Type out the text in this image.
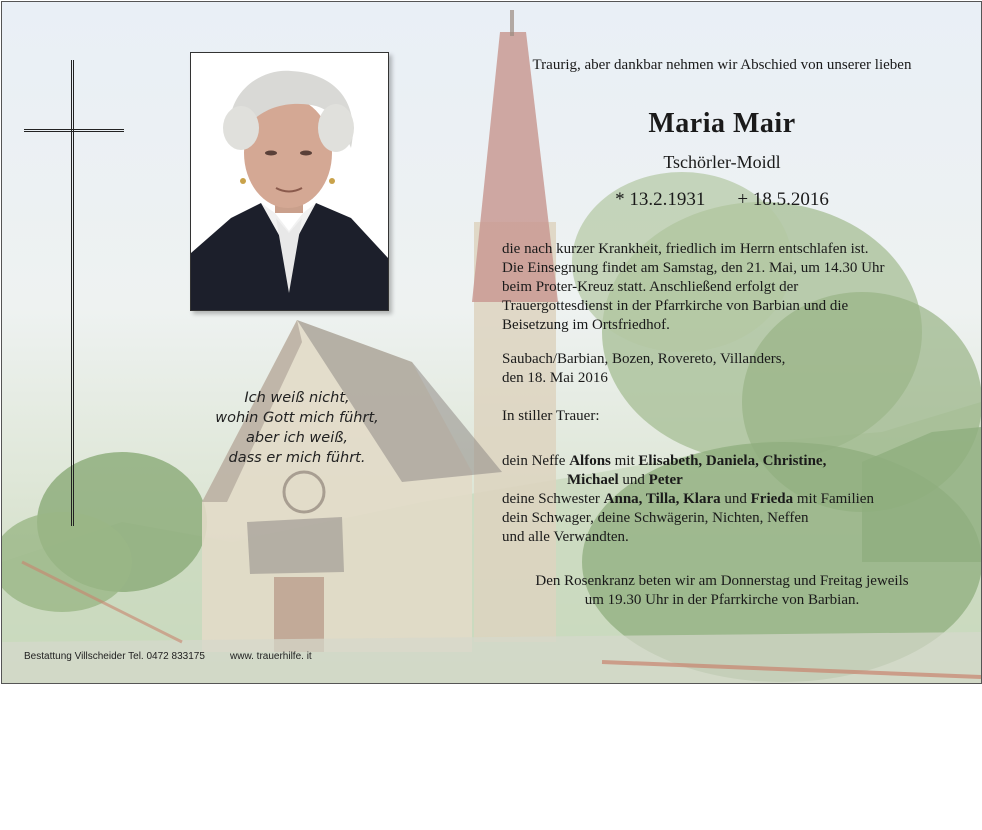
Ich weiß nicht,
wohin Gott mich führt,
aber ich weiß,
dass er mich führt.
Traurig, aber dankbar nehmen wir Abschied von unserer lieben
Maria Mair
Tschörler-Moidl
* 13.2.1931 + 18.5.2016
die nach kurzer Krankheit, friedlich im Herrn entschlafen ist.
Die Einsegnung findet am Samstag, den 21. Mai, um 14.30 Uhr
beim Proter-Kreuz statt. Anschließend erfolgt der
Trauergottesdienst in der Pfarrkirche von Barbian und die
Beisetzung im Ortsfriedhof.
Saubach/Barbian, Bozen, Rovereto, Villanders,
den 18. Mai 2016
In stiller Trauer:
dein Neffe Alfons mit Elisabeth, Daniela, Christine,
Michael und Peter
deine Schwester Anna, Tilla, Klara und Frieda mit Familien
dein Schwager, deine Schwägerin, Nichten, Neffen
und alle Verwandten.
Den Rosenkranz beten wir am Donnerstag und Freitag jeweils
um 19.30 Uhr in der Pfarrkirche von Barbian.
Bestattung Villscheider Tel. 0472 833175	www. trauerhilfe. it
